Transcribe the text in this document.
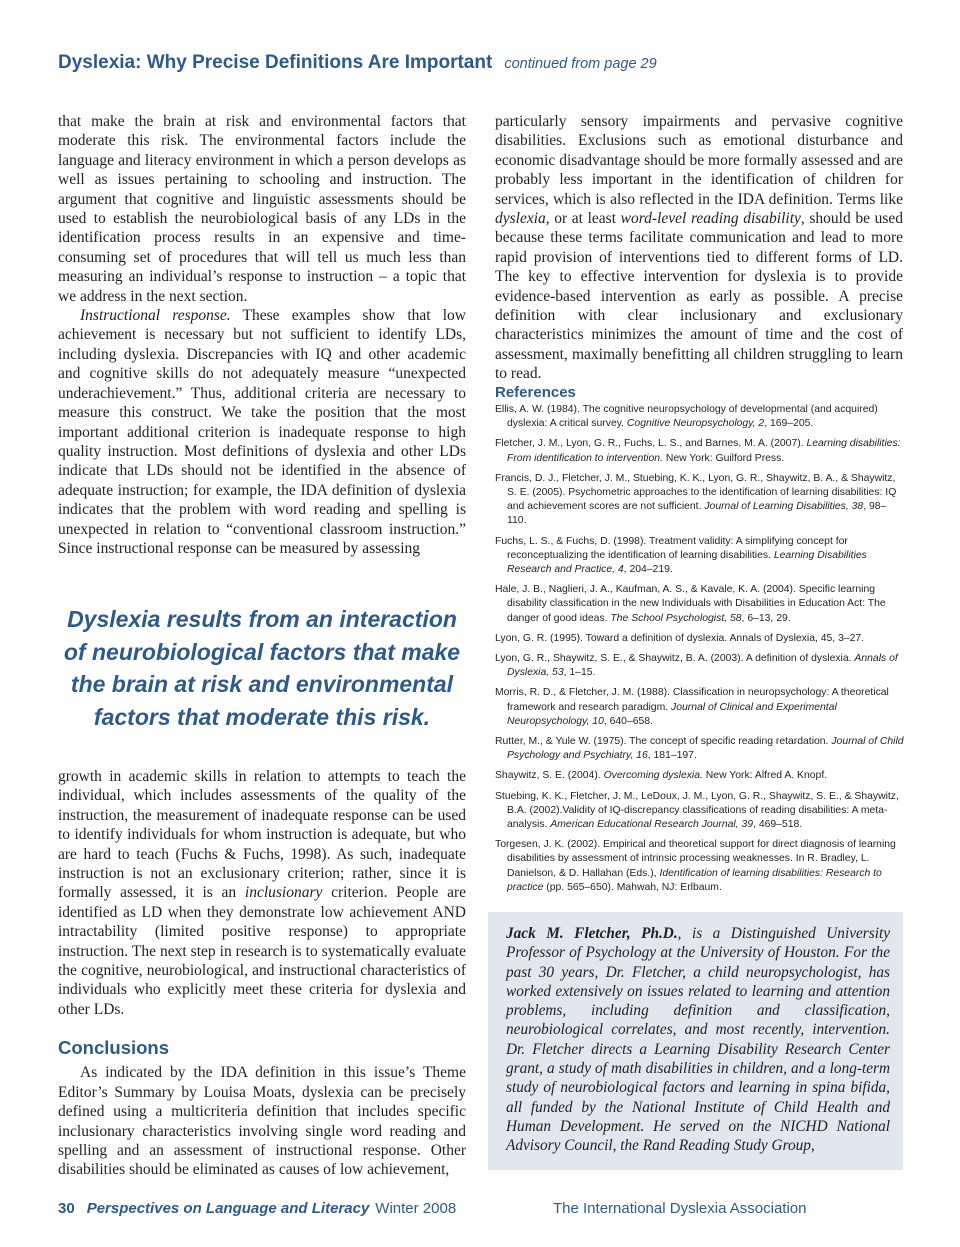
Dyslexia: Why Precise Definitions Are Important continued from page 29

that make the brain at risk and environmental factors that moderate this risk. The environmental factors include the language and literacy environment in which a person develops as well as issues pertaining to schooling and instruction. The argument that cognitive and linguistic assessments should be used to establish the neurobiological basis of any LDs in the identification process results in an expensive and time-consuming set of procedures that will tell us much less than measuring an individual’s response to instruction – a topic that we address in the next section.

Instructional response. These examples show that low achievement is necessary but not sufficient to identify LDs, including dyslexia. Discrepancies with IQ and other academic and cognitive skills do not adequately measure “unexpected underachievement.” Thus, additional criteria are necessary to measure this construct. We take the position that the most important additional criterion is inadequate response to high quality instruction. Most definitions of dyslexia and other LDs indicate that LDs should not be identified in the absence of adequate instruction; for example, the IDA definition of dyslexia indicates that the problem with word reading and spelling is unexpected in relation to “conventional classroom instruction.” Since instructional response can be measured by assessing

Dyslexia results from an interaction of neurobiological factors that make the brain at risk and environmental factors that moderate this risk.

growth in academic skills in relation to attempts to teach the individual, which includes assessments of the quality of the instruction, the measurement of inadequate response can be used to identify individuals for whom instruction is adequate, but who are hard to teach (Fuchs & Fuchs, 1998). As such, inadequate instruction is not an exclusionary criterion; rather, since it is formally assessed, it is an inclusionary criterion. People are identified as LD when they demonstrate low achievement AND intractability (limited positive response) to appropriate instruction. The next step in research is to systematically evaluate the cognitive, neurobiological, and instructional characteristics of individuals who explicitly meet these criteria for dyslexia and other LDs.

Conclusions

As indicated by the IDA definition in this issue’s Theme Editor’s Summary by Louisa Moats, dyslexia can be precisely defined using a multicriteria definition that includes specific inclusionary characteristics involving single word reading and spelling and an assessment of instructional response. Other disabilities should be eliminated as causes of low achievement,

particularly sensory impairments and pervasive cognitive disabilities. Exclusions such as emotional disturbance and economic disadvantage should be more formally assessed and are probably less important in the identification of children for services, which is also reflected in the IDA definition. Terms like dyslexia, or at least word-level reading disability, should be used because these terms facilitate communication and lead to more rapid provision of interventions tied to different forms of LD. The key to effective intervention for dyslexia is to provide evidence-based intervention as early as possible. A precise definition with clear inclusionary and exclusionary characteristics minimizes the amount of time and the cost of assessment, maximally benefitting all children struggling to learn to read.

References

Ellis, A. W. (1984). The cognitive neuropsychology of developmental (and acquired) dyslexia: A critical survey. Cognitive Neuropsychology, 2, 169–205.

Fletcher, J. M., Lyon, G. R., Fuchs, L. S., and Barnes, M. A. (2007). Learning disabilities: From identification to intervention. New York: Guilford Press.

Francis, D. J., Fletcher, J. M., Stuebing, K. K., Lyon, G. R., Shaywitz, B. A., & Shaywitz, S. E. (2005). Psychometric approaches to the identification of learning disabilities: IQ and achievement scores are not sufficient. Journal of Learning Disabilities, 38, 98–110.

Fuchs, L. S., & Fuchs, D. (1998). Treatment validity: A simplifying concept for reconceptualizing the identification of learning disabilities. Learning Disabilities Research and Practice, 4, 204–219.

Hale, J. B., Naglieri, J. A., Kaufman, A. S., & Kavale, K. A. (2004). Specific learning disability classification in the new Individuals with Disabilities in Education Act: The danger of good ideas. The School Psychologist, 58, 6–13, 29.

Lyon, G. R. (1995). Toward a definition of dyslexia. Annals of Dyslexia, 45, 3–27.

Lyon, G. R., Shaywitz, S. E., & Shaywitz, B. A. (2003). A definition of dyslexia. Annals of Dyslexia, 53, 1–15.

Morris, R. D., & Fletcher, J. M. (1988). Classification in neuropsychology: A theoretical framework and research paradigm. Journal of Clinical and Experimental Neuropsychology, 10, 640–658.

Rutter, M., & Yule W. (1975). The concept of specific reading retardation. Journal of Child Psychology and Psychiatry, 16, 181–197.

Shaywitz, S. E. (2004). Overcoming dyslexia. New York: Alfred A. Knopf.

Stuebing, K. K., Fletcher, J. M., LeDoux, J. M., Lyon, G. R., Shaywitz, S. E., & Shaywitz, B.A. (2002).Validity of IQ-discrepancy classifications of reading disabilities: A meta-analysis. American Educational Research Journal, 39, 469–518.

Torgesen, J. K. (2002). Empirical and theoretical support for direct diagnosis of learning disabilities by assessment of intrinsic processing weaknesses. In R. Bradley, L. Danielson, & D. Hallahan (Eds.), Identification of learning disabilities: Research to practice (pp. 565–650). Mahwah, NJ: Erlbaum.

Jack M. Fletcher, Ph.D., is a Distinguished University Professor of Psychology at the University of Houston. For the past 30 years, Dr. Fletcher, a child neuropsychologist, has worked extensively on issues related to learning and attention problems, including definition and classification, neurobiological correlates, and most recently, intervention. Dr. Fletcher directs a Learning Disability Research Center grant, a study of math disabilities in children, and a long-term study of neurobiological factors and learning in spina bifida, all funded by the National Institute of Child Health and Human Development. He served on the NICHD National Advisory Council, the Rand Reading Study Group,

30 Perspectives on Language and Literacy Winter 2008	The International Dyslexia Association
